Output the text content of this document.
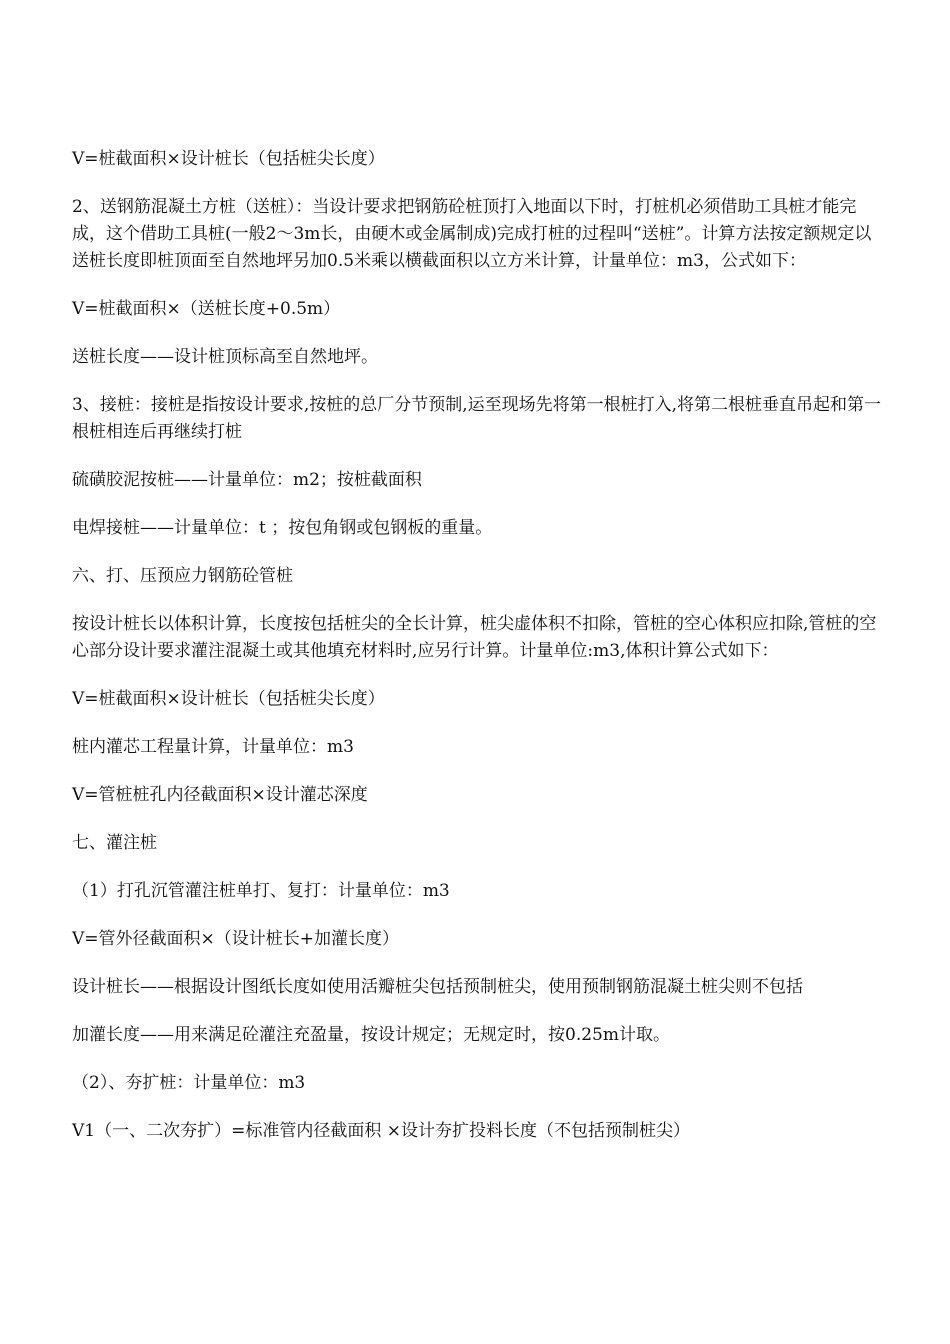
V=桩截面积×设计桩长（包括桩尖长度）

2、送钢筋混凝土方桩（送桩）：当设计要求把钢筋砼桩顶打入地面以下时，打桩机必须借助工具桩才能完成，这个借助工具桩(一般2～3m长，由硬木或金属制成)完成打桩的过程叫“送桩”。计算方法按定额规定以送桩长度即桩顶面至自然地坪另加0.5米乘以横截面积以立方米计算，计量单位：m3，公式如下：

V=桩截面积×（送桩长度+0.5m）

送桩长度——设计桩顶标高至自然地坪。

3、接桩：接桩是指按设计要求,按桩的总厂分节预制,运至现场先将第一根桩打入,将第二根桩垂直吊起和第一根桩相连后再继续打桩

硫磺胶泥按桩——计量单位：m2；按桩截面积

电焊接桩——计量单位：t ；按包角钢或包钢板的重量。

六、打、压预应力钢筋砼管桩

按设计桩长以体积计算，长度按包括桩尖的全长计算，桩尖虚体积不扣除，管桩的空心体积应扣除,管桩的空心部分设计要求灌注混凝土或其他填充材料时,应另行计算。计量单位:m3,体积计算公式如下：

V=桩截面积×设计桩长（包括桩尖长度）

桩内灌芯工程量计算，计量单位：m3

V=管桩桩孔内径截面积×设计灌芯深度

七、灌注桩

（1）打孔沉管灌注桩单打、复打：计量单位：m3

V=管外径截面积×（设计桩长+加灌长度）

设计桩长——根据设计图纸长度如使用活瓣桩尖包括预制桩尖，使用预制钢筋混凝土桩尖则不包括

加灌长度——用来满足砼灌注充盈量，按设计规定；无规定时，按0.25m计取。

（2）、夯扩桩：计量单位：m3

V1（一、二次夯扩）=标准管内径截面积 ×设计夯扩投料长度（不包括预制桩尖）
